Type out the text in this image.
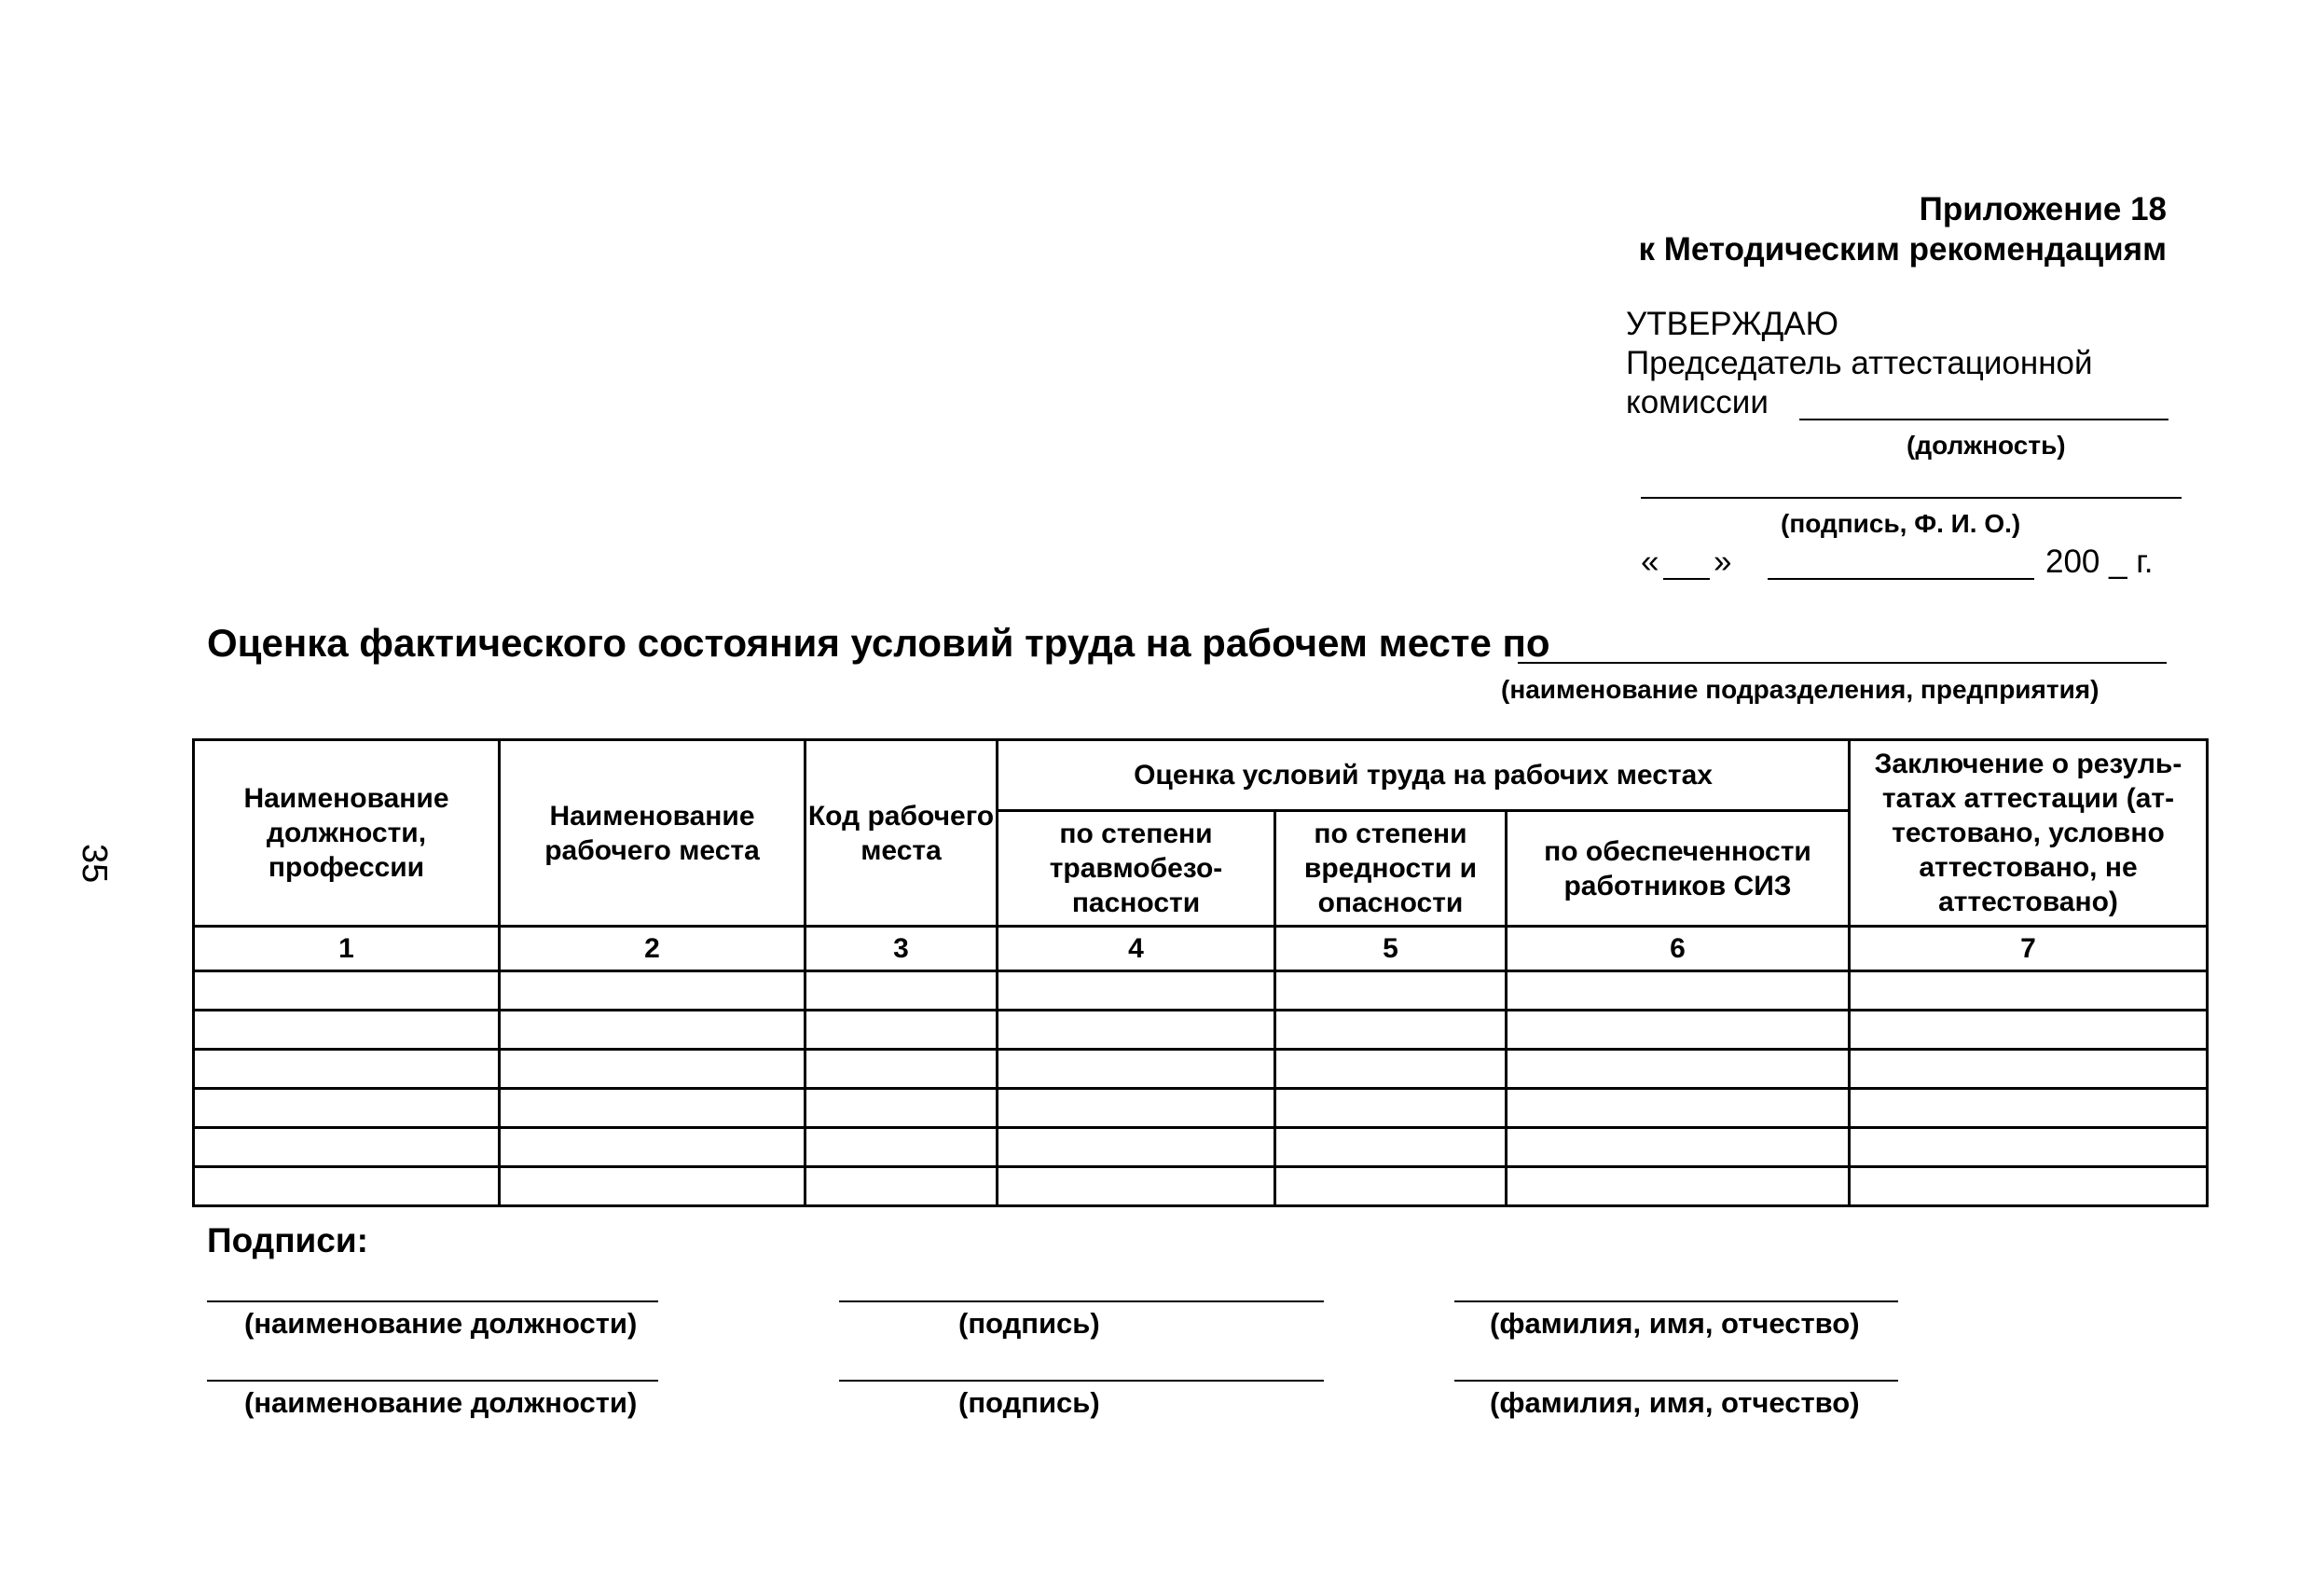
Приложение 18
к Методическим рекомендациям
УТВЕРЖДАЮ
Председатель аттестационной
комиссии
(должность)
(подпись, Ф. И. О.)
« »	200 _ г.
35
Оценка фактического состояния условий труда на рабочем месте по
(наименование подразделения, предприятия)
Наименование должности, профессии	Наименование рабочего места	Код рабочего места	Оценка условий труда на рабочих местах			Заключение о резуль-татах аттестации (ат-тестовано, условно аттестовано, не аттестовано)
			по степени травмобезо-пасности	по степени вредности и опасности	по обеспеченности работников СИЗ	
1	2	3	4	5	6	7

Подписи:
(наименование должности)	(подпись)	(фамилия, имя, отчество)
(наименование должности)	(подпись)	(фамилия, имя, отчество)
